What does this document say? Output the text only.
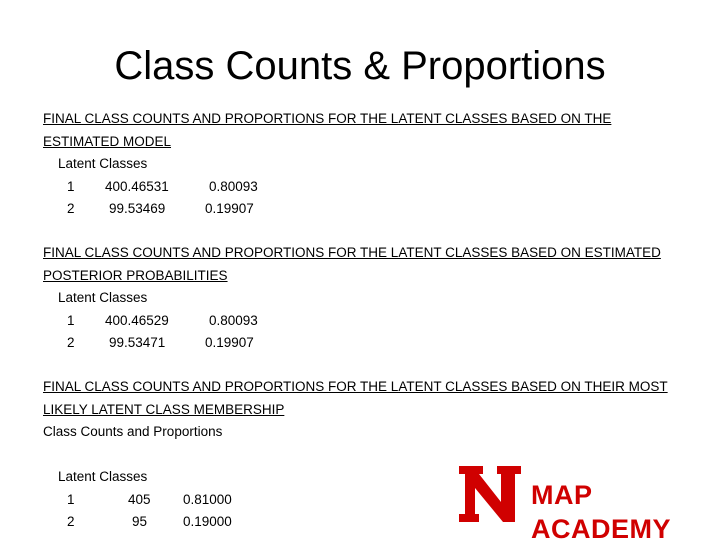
Class Counts & Proportions
FINAL CLASS COUNTS AND PROPORTIONS FOR THE LATENT CLASSES BASED ON THE ESTIMATED MODEL
Latent Classes
1 400.46531	0.80093
2	99.53469	0.19907
FINAL CLASS COUNTS AND PROPORTIONS FOR THE LATENT CLASSES BASED ON ESTIMATED POSTERIOR PROBABILITIES
Latent Classes
1 400.46529	0.80093
2	99.53471	0.19907
FINAL CLASS COUNTS AND PROPORTIONS FOR THE LATENT CLASSES BASED ON THEIR MOST LIKELY LATENT CLASS MEMBERSHIP
Class Counts and Proportions
Latent Classes
1	405 0.81000
2	95	0.19000
MAP ACADEMY
